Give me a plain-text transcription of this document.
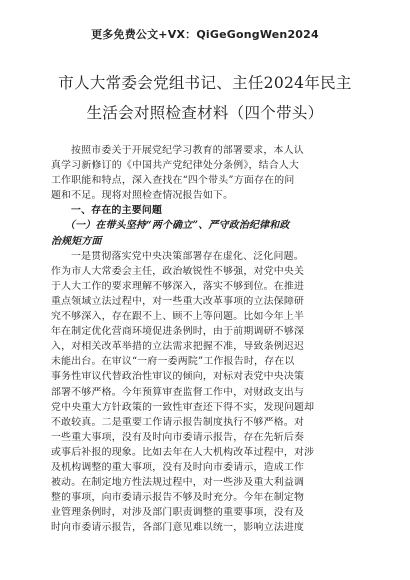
更多免费公文+VX：QiGeGongWen2024
市人大常委会党组书记、主任2024年民主
生活会对照检查材料（四个带头）
按照市委关于开展党纪学习教育的部署要求，本人认
真学习新修订的《中国共产党纪律处分条例》，结合人大
工作职能和特点，深入查找在“四个带头”方面存在的问
题和不足。现将对照检查情况报告如下。
一、存在的主要问题
（一）在带头坚持“两个确立”、严守政治纪律和政
治规矩方面
一是贯彻落实党中央决策部署存在虚化、泛化问题。
作为市人大常委会主任，政治敏锐性不够强，对党中央关
于人大工作的要求理解不够深入，落实不够到位。在推进
重点领域立法过程中，对一些重大改革事项的立法保障研
究不够深入，存在跟不上、顾不上等问题。比如今年上半
年在制定优化营商环境促进条例时，由于前期调研不够深
入，对相关改革举措的立法需求把握不准，导致条例迟迟
未能出台。在审议“一府一委两院”工作报告时，存在以
事务性审议代替政治性审议的倾向，对标对表党中央决策
部署不够严格。今年预算审查监督工作中，对财政支出与
党中央重大方针政策的一致性审查还下得不实，发现问题却
不敢较真。二是重要工作请示报告制度执行不够严格。对
一些重大事项，没有及时向市委请示报告，存在先斩后奏
或事后补报的现象。比如去年在人大机构改革过程中，对涉
及机构调整的重大事项，没有及时向市委请示，造成工作
被动。在制定地方性法规过程中，对一些涉及重大利益调
整的事项，向市委请示报告不够及时充分。今年在制定物
业管理条例时，对涉及部门职责调整的重要事项，没有及
时向市委请示报告，各部门意见难以统一，影响立法进度
